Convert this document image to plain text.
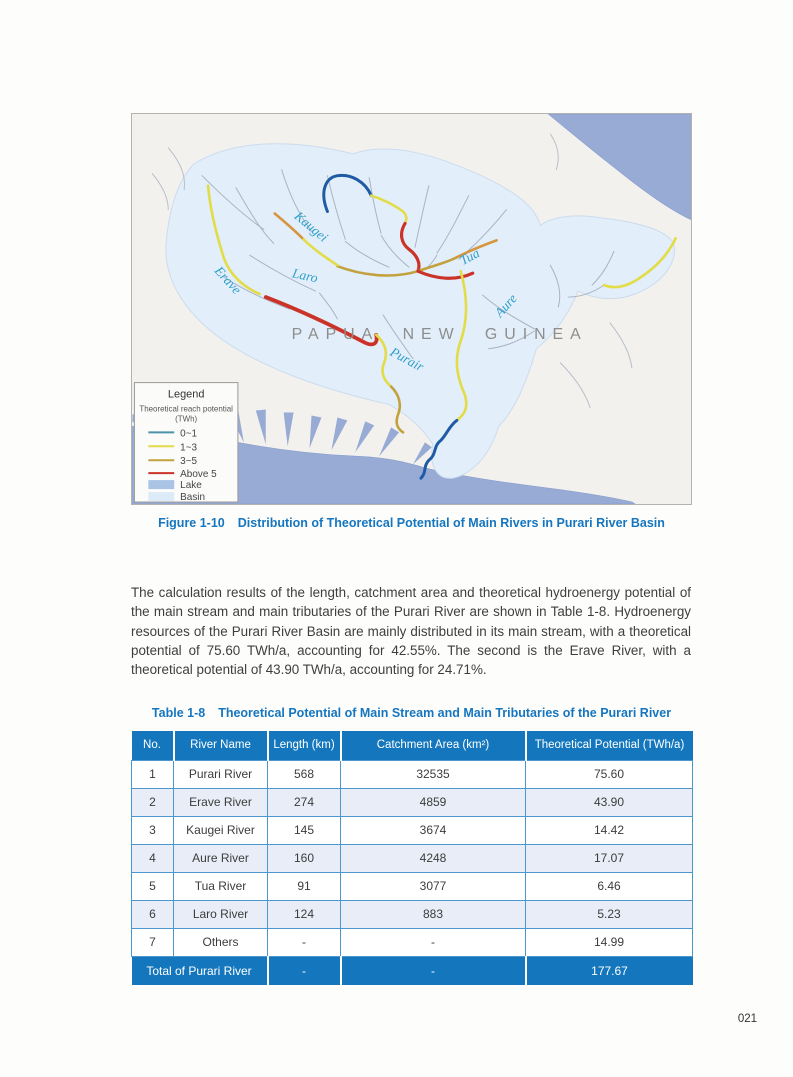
PAPUA NEW GUINEA
Kaugei
Tua
Erave	Laro
Aure
Purair
Legend
Theoretical reach potential
(TWh)
0~1
1~3
3~5
Above 5
Lake
Basin

Figure 1-10 Distribution of Theoretical Potential of Main Rivers in Purari River Basin

The calculation results of the length, catchment area and theoretical hydroenergy potential of the main stream and main tributaries of the Purari River are shown in Table 1-8. Hydroenergy resources of the Purari River Basin are mainly distributed in its main stream, with a theoretical potential of 75.60 TWh/a, accounting for 42.55%. The second is the Erave River, with a theoretical potential of 43.90 TWh/a, accounting for 24.71%.

Table 1-8 Theoretical Potential of Main Stream and Main Tributaries of the Purari River

No.	River Name	Length (km)	Catchment Area (km²)	Theoretical Potential (TWh/a)
1	Purari River	568	32535	75.60
2	Erave River	274	4859	43.90
3	Kaugei River	145	3674	14.42
4	Aure River	160	4248	17.07
5	Tua River	91	3077	6.46
6	Laro River	124	883	5.23
7	Others	-	-	14.99
Total of Purari River		-	-	177.67
021
